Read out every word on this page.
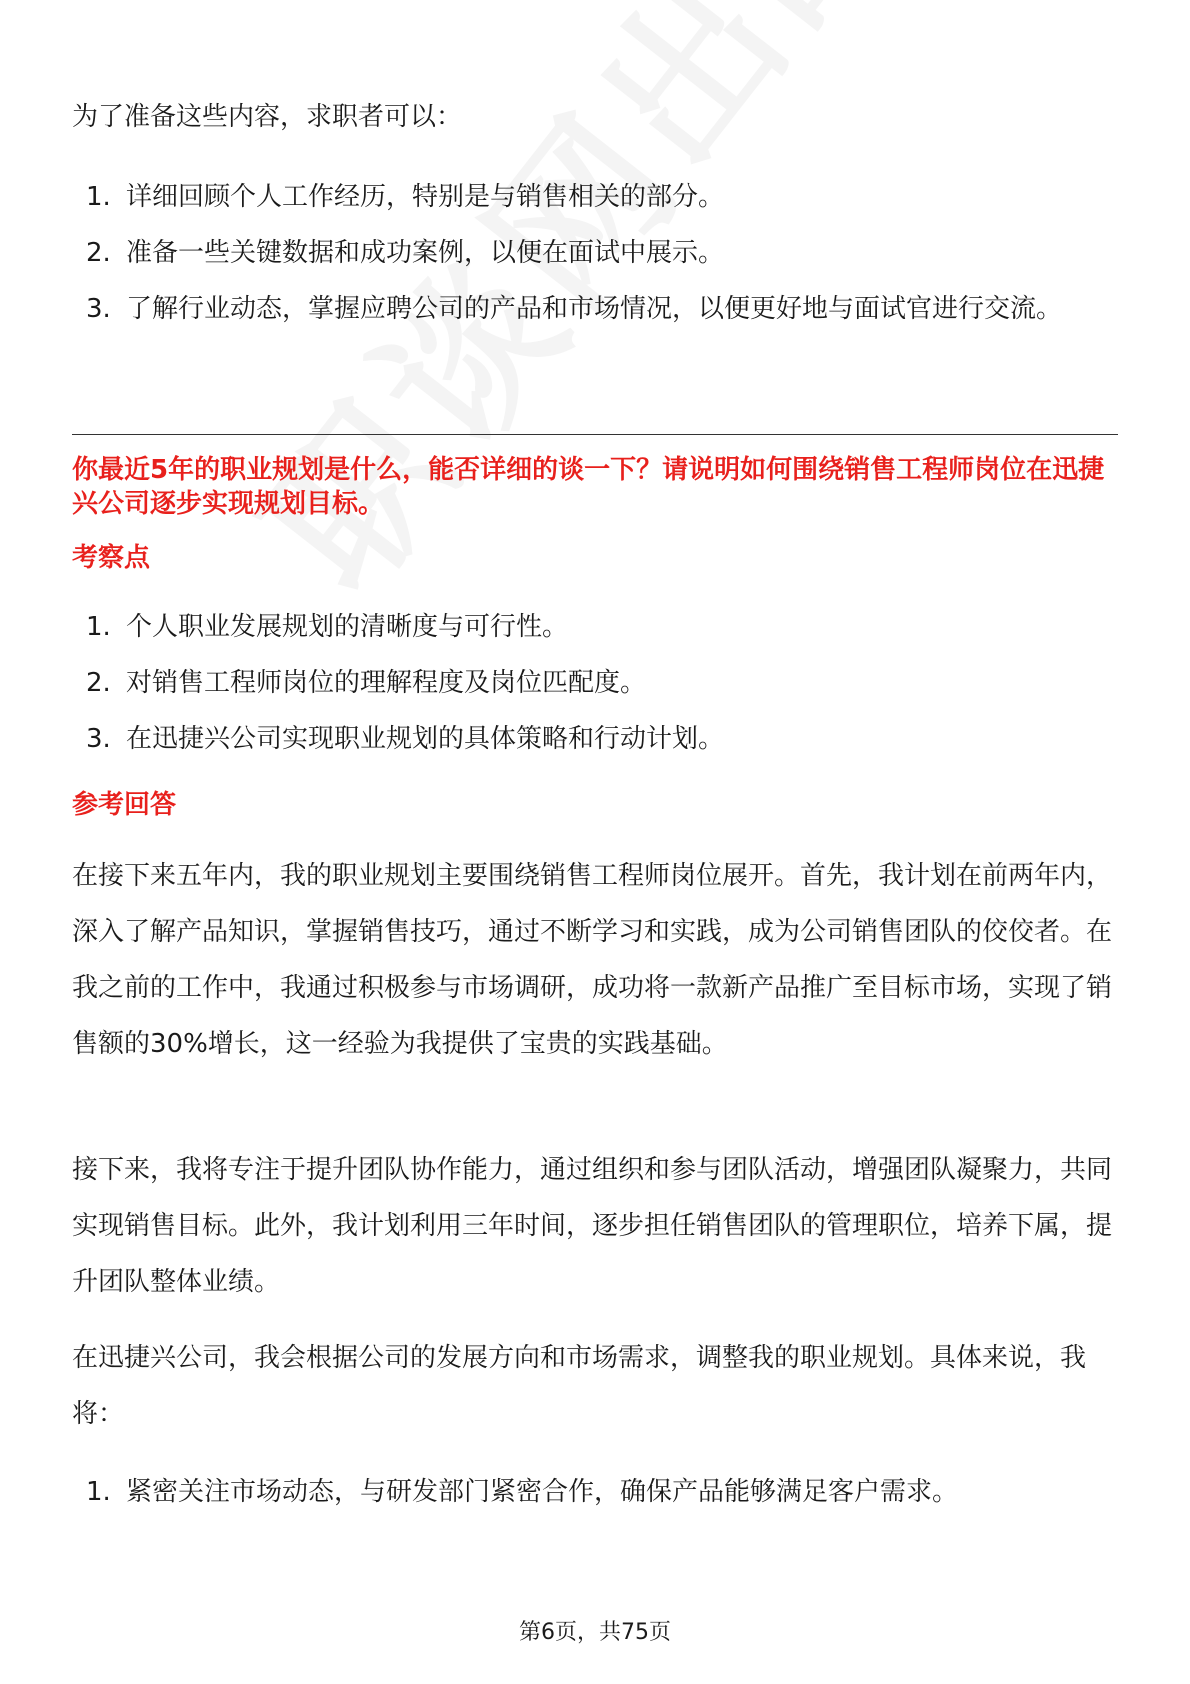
为了准备这些内容，求职者可以：

1. 详细回顾个人工作经历，特别是与销售相关的部分。
2. 准备一些关键数据和成功案例，以便在面试中展示。
3. 了解行业动态，掌握应聘公司的产品和市场情况，以便更好地与面试官进行交流。

你最近5年的职业规划是什么，能否详细的谈一下？请说明如何围绕销售工程师岗位在迅捷兴公司逐步实现规划目标。

考察点
1. 个人职业发展规划的清晰度与可行性。
2. 对销售工程师岗位的理解程度及岗位匹配度。
3. 在迅捷兴公司实现职业规划的具体策略和行动计划。
参考回答

在接下来五年内，我的职业规划主要围绕销售工程师岗位展开。首先，我计划在前两年内，深入了解产品知识，掌握销售技巧，通过不断学习和实践，成为公司销售团队的佼佼者。在我之前的工作中，我通过积极参与市场调研，成功将一款新产品推广至目标市场，实现了销售额的30%增长，这一经验为我提供了宝贵的实践基础。

接下来，我将专注于提升团队协作能力，通过组织和参与团队活动，增强团队凝聚力，共同实现销售目标。此外，我计划利用三年时间，逐步担任销售团队的管理职位，培养下属，提升团队整体业绩。

在迅捷兴公司，我会根据公司的发展方向和市场需求，调整我的职业规划。具体来说，我将：

1. 紧密关注市场动态，与研发部门紧密合作，确保产品能够满足客户需求。
第6页，共75页
